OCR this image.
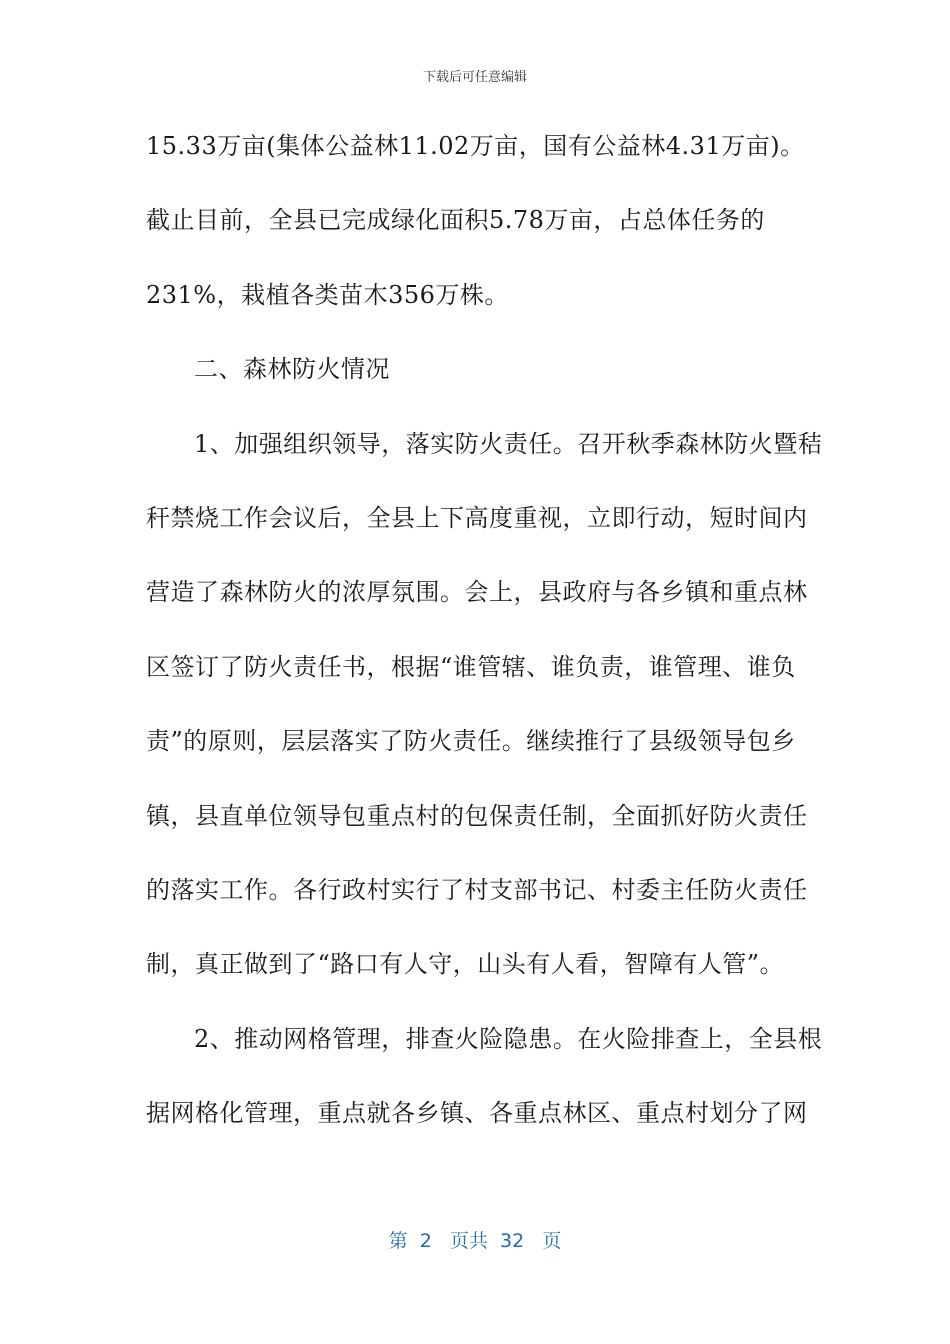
下载后可任意编辑
15.33万亩(集体公益林11.02万亩，国有公益林4.31万亩)。
截止目前，全县已完成绿化面积5.78万亩，占总体任务的
231%，栽植各类苗木356万株。
二、森林防火情况
1、加强组织领导，落实防火责任。召开秋季森林防火暨秸
秆禁烧工作会议后，全县上下高度重视，立即行动，短时间内
营造了森林防火的浓厚氛围。会上，县政府与各乡镇和重点林
区签订了防火责任书，根据“谁管辖、谁负责，谁管理、谁负
责”的原则，层层落实了防火责任。继续推行了县级领导包乡
镇，县直单位领导包重点村的包保责任制，全面抓好防火责任
的落实工作。各行政村实行了村支部书记、村委主任防火责任
制，真正做到了“路口有人守，山头有人看，智障有人管”。
2、推动网格管理，排查火险隐患。在火险排查上，全县根
据网格化管理，重点就各乡镇、各重点林区、重点村划分了网
第  2   页共  32   页
